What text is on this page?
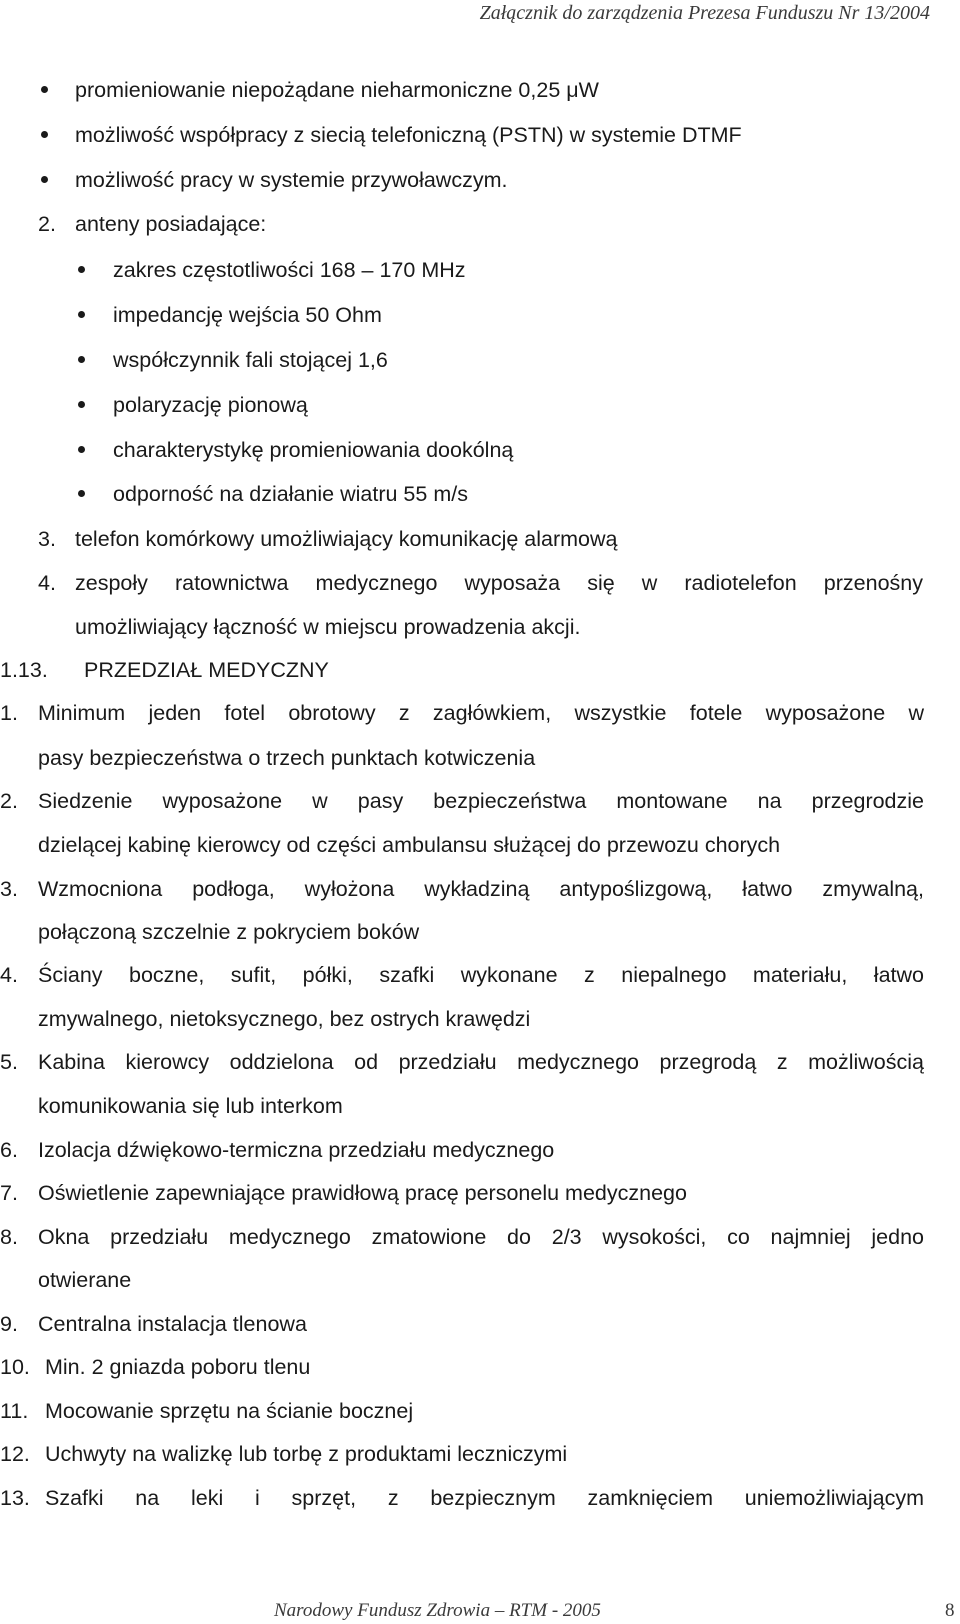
Załącznik do zarządzenia Prezesa Funduszu Nr 13/2004
promieniowanie niepożądane nieharmoniczne 0,25 μW
możliwość współpracy z siecią telefoniczną (PSTN) w systemie DTMF
możliwość pracy w systemie przywoławczym.
2. anteny posiadające:
zakres częstotliwości 168 – 170 MHz
impedancję wejścia 50 Ohm
współczynnik fali stojącej 1,6
polaryzację pionową
charakterystykę promieniowania dookólną
odporność na działanie wiatru 55 m/s
3. telefon komórkowy umożliwiający komunikację alarmową
4. zespoły ratownictwa medycznego wyposaża się w radiotelefon przenośny
umożliwiający łączność w miejscu prowadzenia akcji.
1.13. PRZEDZIAŁ MEDYCZNY
1. Minimum jeden fotel obrotowy z zagłówkiem, wszystkie fotele wyposażone w
pasy bezpieczeństwa o trzech punktach kotwiczenia
2. Siedzenie wyposażone w pasy bezpieczeństwa montowane na przegrodzie
dzielącej kabinę kierowcy od części ambulansu służącej do przewozu chorych
3. Wzmocniona podłoga, wyłożona wykładziną antypoślizgową, łatwo zmywalną,
połączoną szczelnie z pokryciem boków
4. Ściany boczne, sufit, półki, szafki wykonane z niepalnego materiału, łatwo
zmywalnego, nietoksycznego, bez ostrych krawędzi
5. Kabina kierowcy oddzielona od przedziału medycznego przegrodą z możliwością
komunikowania się lub interkom
6. Izolacja dźwiękowo-termiczna przedziału medycznego
7. Oświetlenie zapewniające prawidłową pracę personelu medycznego
8. Okna przedziału medycznego zmatowione do 2/3 wysokości, co najmniej jedno
otwierane
9. Centralna instalacja tlenowa
10. Min. 2 gniazda poboru tlenu
11. Mocowanie sprzętu na ścianie bocznej
12. Uchwyty na walizkę lub torbę z produktami leczniczymi
13. Szafki na leki i sprzęt, z bezpiecznym zamknięciem uniemożliwiającym
Narodowy Fundusz Zdrowia – RTM - 2005	8
